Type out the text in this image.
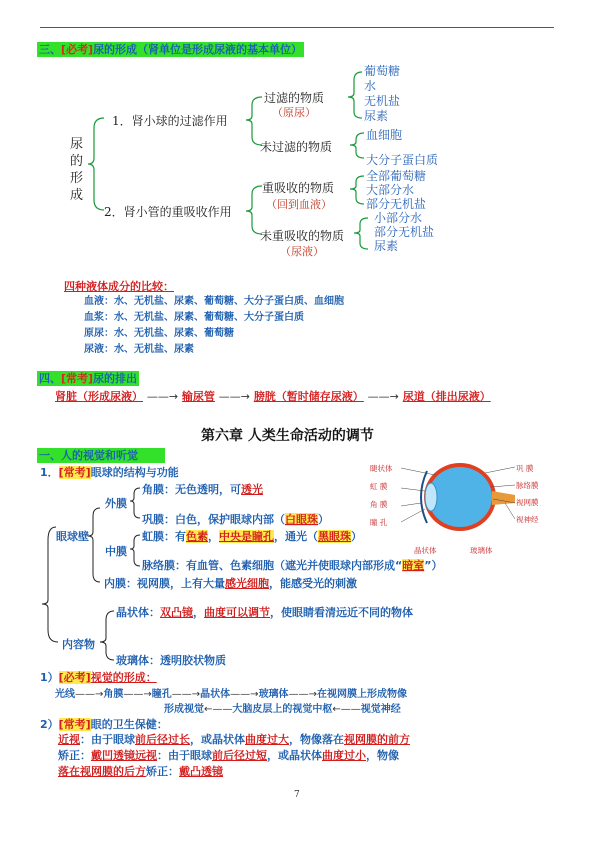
三、[必考]尿的形成（肾单位是形成尿液的基本单位）
尿
的
形
成
1．肾小球的过滤作用
2．肾小管的重吸收作用
过滤的物质
（原尿）
未过滤的物质
葡萄糖
水
无机盐
尿素
血细胞
大分子蛋白质
重吸收的物质
（回到血液）
未重吸收的物质
（尿液）
全部葡萄糖
大部分水
部分无机盐
小部分水
部分无机盐
尿素
四种液体成分的比较：
血液：水、无机盐、尿素、葡萄糖、大分子蛋白质、血细胞
血浆：水、无机盐、尿素、葡萄糖、大分子蛋白质
原尿：水、无机盐、尿素、葡萄糖
尿液：水、无机盐、尿素
四、[常考]尿的排出
肾脏（形成尿液） ——→ 输尿管 ——→ 膀胱（暂时储存尿液） ——→ 尿道（排出尿液）
第六章 人类生命活动的调节
一、人的视觉和听觉
1．[常考]眼球的结构与功能
眼球壁
外膜
中膜
角膜：无色透明，可透光
巩膜：白色，保护眼球内部（白眼珠）
虹膜：有色素，中央是瞳孔，通光（黑眼珠）
脉络膜：有血管、色素细胞（遮光并使眼球内部形成“暗室”）
内膜：视网膜，上有大量感光细胞，能感受光的刺激
内容物
晶状体：双凸镜，曲度可以调节，使眼睛看清远近不同的物体
玻璃体：透明胶状物质
睫状体
虹 膜
角 膜
瞳 孔
巩 膜
脉络膜
视网膜
视神经
晶状体	玻璃体
1）[必考]视觉的形成：
光线——→角膜——→瞳孔——→晶状体——→玻璃体——→在视网膜上形成物像
形成视觉←——大脑皮层上的视觉中枢←——视觉神经
2）[常考]眼的卫生保健：
近视：由于眼球前后径过长，或晶状体曲度过大，物像落在视网膜的前方
矫正：戴凹透镜远视：由于眼球前后径过短，或晶状体曲度过小，物像
落在视网膜的后方矫正：戴凸透镜
7
